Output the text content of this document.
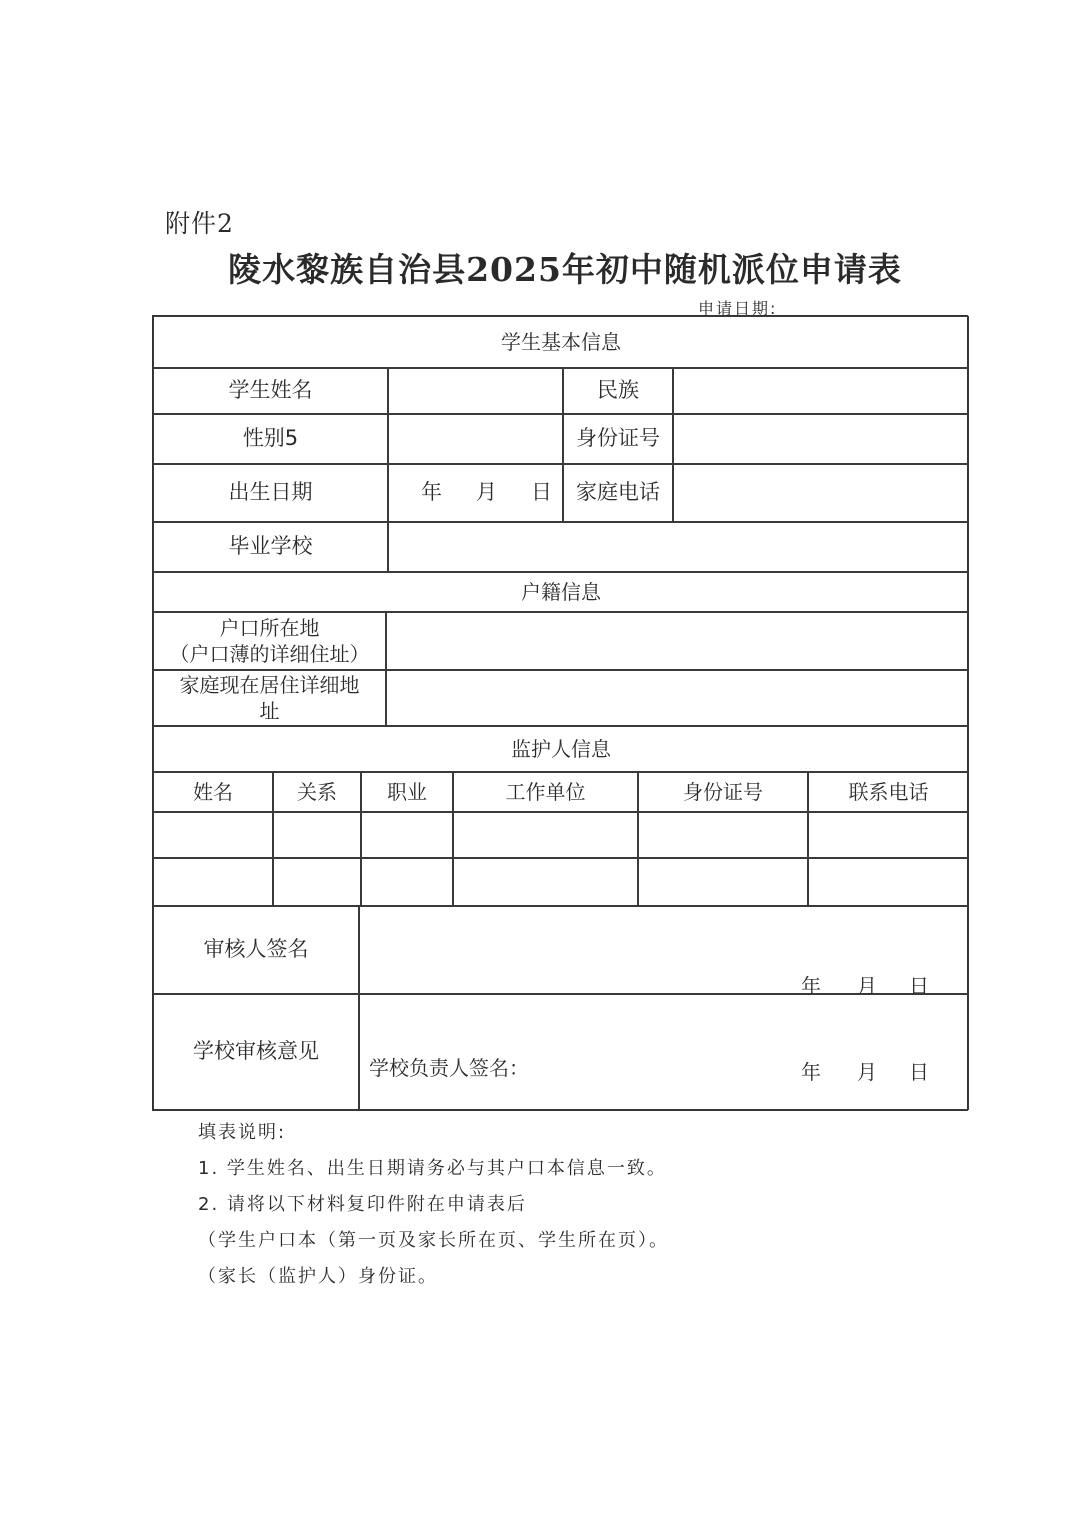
附件2
陵水黎族自治县2025年初中随机派位申请表
申请日期:
学生基本信息
学生姓名	民族
性别5	身份证号
出生日期	年 月 日	家庭电话
毕业学校
户籍信息
户口所在地
（户口薄的详细住址）
家庭现在居住详细地
址
监护人信息
姓名	关系	职业	工作单位	身份证号	联系电话
审核人签名
年 月 日
学校审核意见
学校负责人签名：	年 月 日
填表说明:
1. 学生姓名、出生日期请务必与其户口本信息一致。
2. 请将以下材料复印件附在申请表后
（学生户口本（第一页及家长所在页、学生所在页）。
（家长（监护人）身份证。
